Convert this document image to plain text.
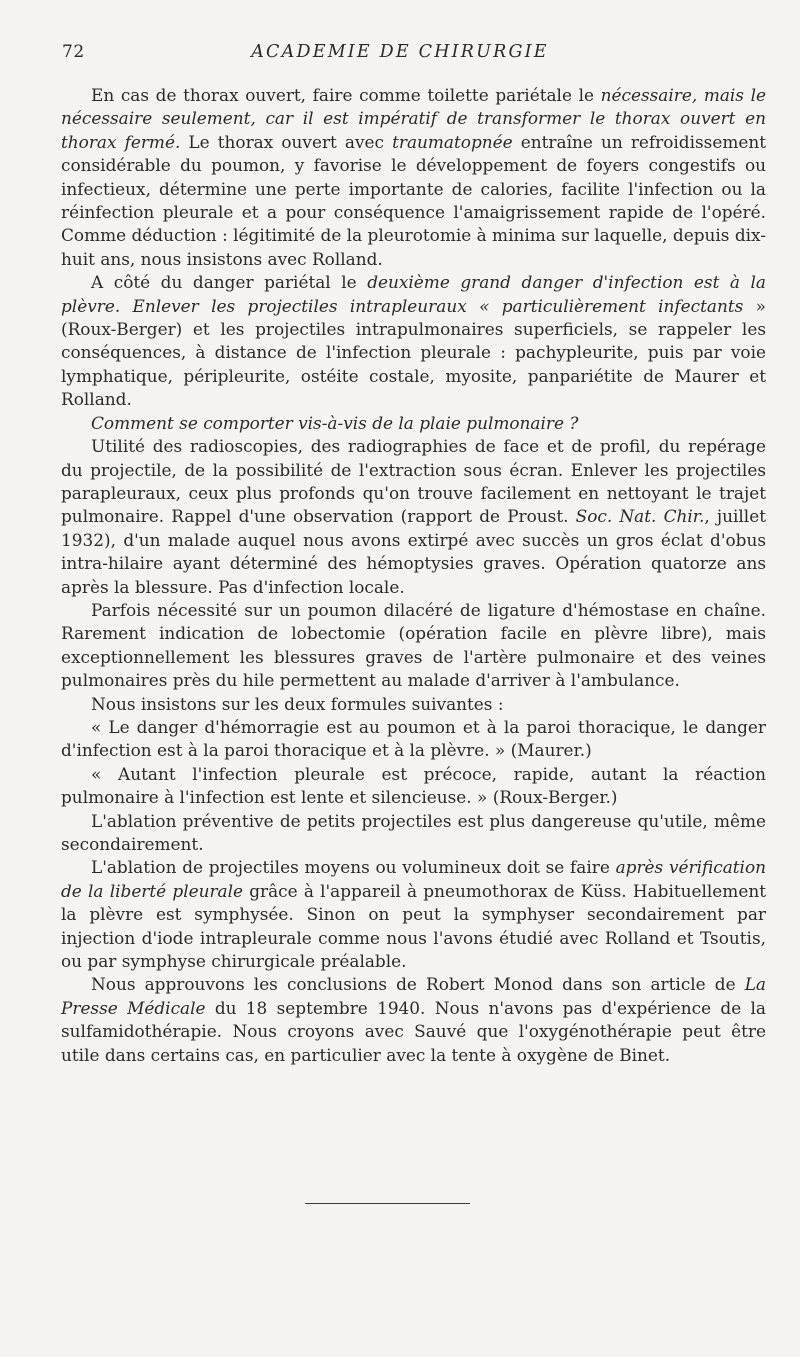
72	ACADEMIE DE CHIRURGIE

En cas de thorax ouvert, faire comme toilette pariétale le nécessaire, mais le nécessaire seulement, car il est impératif de transformer le thorax ouvert en thorax fermé. Le thorax ouvert avec traumatopnée entraîne un refroidissement considérable du poumon, y favorise le développement de foyers congestifs ou infectieux, détermine une perte importante de calories, facilite l'infection ou la réinfection pleurale et a pour conséquence l'amaigrissement rapide de l'opéré. Comme déduction : légitimité de la pleurotomie à minima sur laquelle, depuis dix-huit ans, nous insistons avec Rolland.

A côté du danger pariétal le deuxième grand danger d'infection est à la plèvre. Enlever les projectiles intrapleuraux « particulièrement infectants » (Roux-Berger) et les projectiles intrapulmonaires superficiels, se rappeler les conséquences, à distance de l'infection pleurale : pachypleurite, puis par voie lymphatique, péripleurite, ostéite costale, myosite, panpariétite de Maurer et Rolland.

Comment se comporter vis-à-vis de la plaie pulmonaire ?

Utilité des radioscopies, des radiographies de face et de profil, du repérage du projectile, de la possibilité de l'extraction sous écran. Enlever les projectiles parapleuraux, ceux plus profonds qu'on trouve facilement en nettoyant le trajet pulmonaire. Rappel d'une observation (rapport de Proust. Soc. Nat. Chir., juillet 1932), d'un malade auquel nous avons extirpé avec succès un gros éclat d'obus intra-hilaire ayant déterminé des hémoptysies graves. Opération quatorze ans après la blessure. Pas d'infection locale.

Parfois nécessité sur un poumon dilacéré de ligature d'hémostase en chaîne. Rarement indication de lobectomie (opération facile en plèvre libre), mais exceptionnellement les blessures graves de l'artère pulmonaire et des veines pulmonaires près du hile permettent au malade d'arriver à l'ambulance.

Nous insistons sur les deux formules suivantes :

« Le danger d'hémorragie est au poumon et à la paroi thoracique, le danger d'infection est à la paroi thoracique et à la plèvre. » (Maurer.)

« Autant l'infection pleurale est précoce, rapide, autant la réaction pulmonaire à l'infection est lente et silencieuse. » (Roux-Berger.)

L'ablation préventive de petits projectiles est plus dangereuse qu'utile, même secondairement.

L'ablation de projectiles moyens ou volumineux doit se faire après vérification de la liberté pleurale grâce à l'appareil à pneumothorax de Küss. Habituellement la plèvre est symphysée. Sinon on peut la symphyser secondairement par injection d'iode intrapleurale comme nous l'avons étudié avec Rolland et Tsoutis, ou par symphyse chirurgicale préalable.

Nous approuvons les conclusions de Robert Monod dans son article de La Presse Médicale du 18 septembre 1940. Nous n'avons pas d'expérience de la sulfamidothérapie. Nous croyons avec Sauvé que l'oxygénothérapie peut être utile dans certains cas, en particulier avec la tente à oxygène de Binet.
